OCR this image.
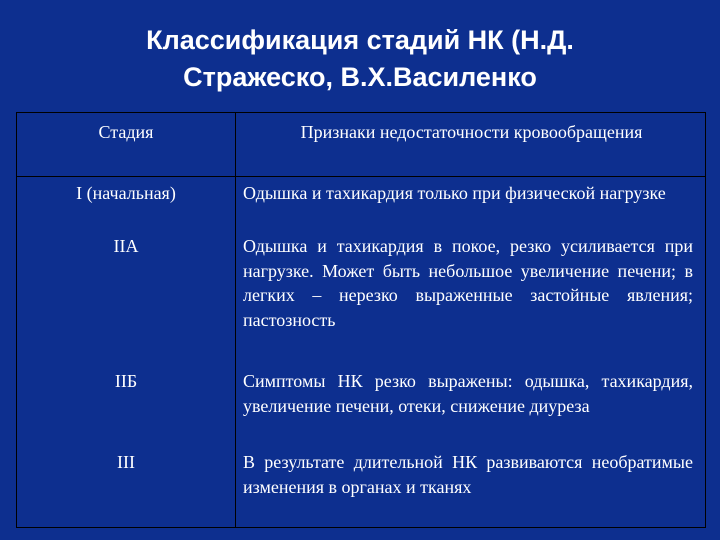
Классификация стадий НК (Н.Д.
Стражеско, В.Х.Василенко
Стадия	Признаки недостаточности кровообращения
I (начальная)	Одышка и тахикардия только при физической нагрузке
IIA	Одышка и тахикардия в покое, резко усиливается при нагрузке. Может быть небольшое увеличение печени; в легких – нерезко выраженные застойные явления; пастозность
IIБ	Симптомы НК резко выражены: одышка, тахикардия, увеличение печени, отеки, снижение диуреза
III	В результате длительной НК развиваются необратимые изменения в органах и тканях
